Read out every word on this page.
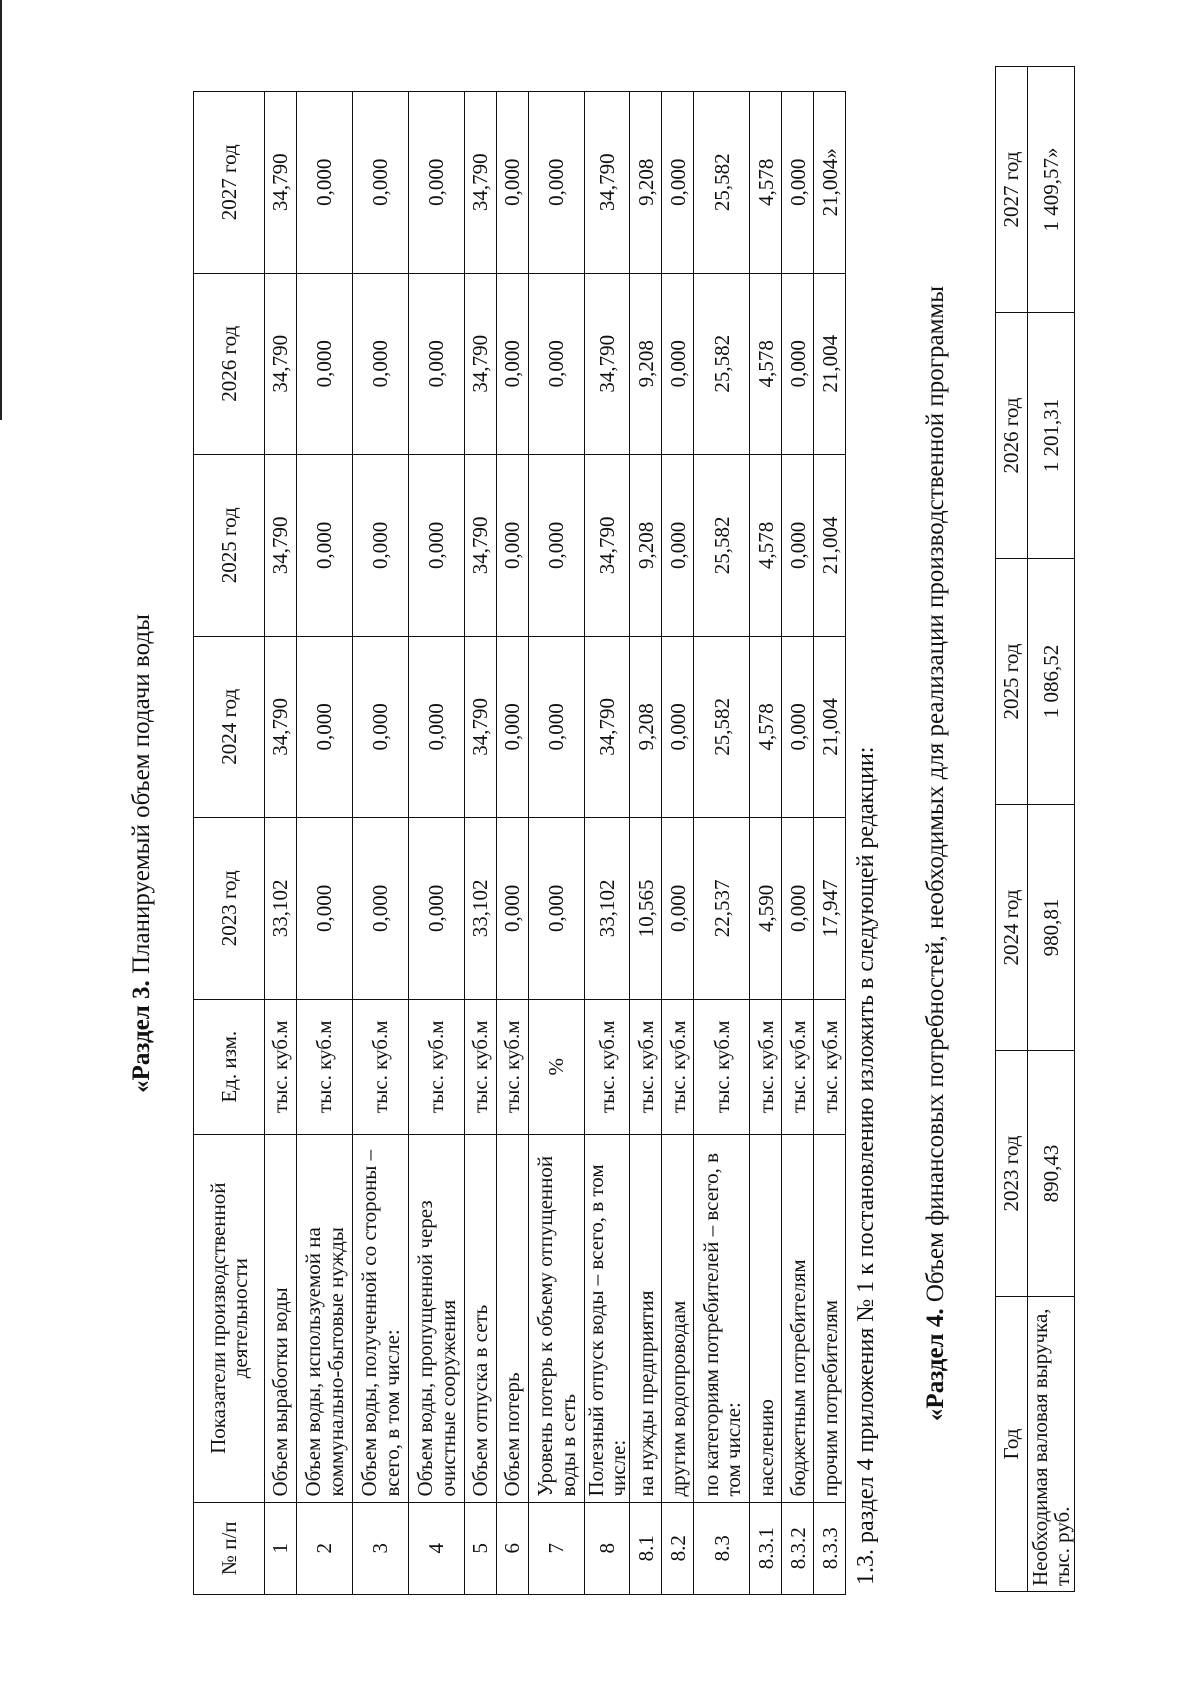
«Раздел 3. Планируемый объем подачи воды
№ п/п	Показатели производственной деятельности	Ед. изм.	2023 год	2024 год	2025 год	2026 год	2027 год
1	Объем выработки воды	тыс. куб.м	33,102	34,790	34,790	34,790	34,790
2	Объем воды, используемой на коммунально-бытовые нужды	тыс. куб.м	0,000	0,000	0,000	0,000	0,000
3	Объем воды, полученной со стороны – всего, в том числе:	тыс. куб.м	0,000	0,000	0,000	0,000	0,000
4	Объем воды, пропущенной через очистные сооружения	тыс. куб.м	0,000	0,000	0,000	0,000	0,000
5	Объем отпуска в сеть	тыс. куб.м	33,102	34,790	34,790	34,790	34,790
6	Объем потерь	тыс. куб.м	0,000	0,000	0,000	0,000	0,000
7	Уровень потерь к объему отпущенной воды в сеть	%	0,000	0,000	0,000	0,000	0,000
8	Полезный отпуск воды – всего, в том числе:	тыс. куб.м	33,102	34,790	34,790	34,790	34,790
8.1	на нужды предприятия	тыс. куб.м	10,565	9,208	9,208	9,208	9,208
8.2	другим водопроводам	тыс. куб.м	0,000	0,000	0,000	0,000	0,000
8.3	по категориям потребителей – всего, в том числе:	тыс. куб.м	22,537	25,582	25,582	25,582	25,582
8.3.1	населению	тыс. куб.м	4,590	4,578	4,578	4,578	4,578
8.3.2	бюджетным потребителям	тыс. куб.м	0,000	0,000	0,000	0,000	0,000
8.3.3	прочим потребителям	тыс. куб.м	17,947	21,004	21,004	21,004	21,004»
1.3. раздел 4 приложения № 1 к постановлению изложить в следующей редакции: «Раздел 4. Объем финансовых потребностей, необходимых для реализации производственной программы
Год	2023 год	2024 год	2025 год	2026 год	2027 год
Необходимая валовая выручка, тыс. руб.	890,43	980,81	1 086,52	1 201,31	1 409,57»
